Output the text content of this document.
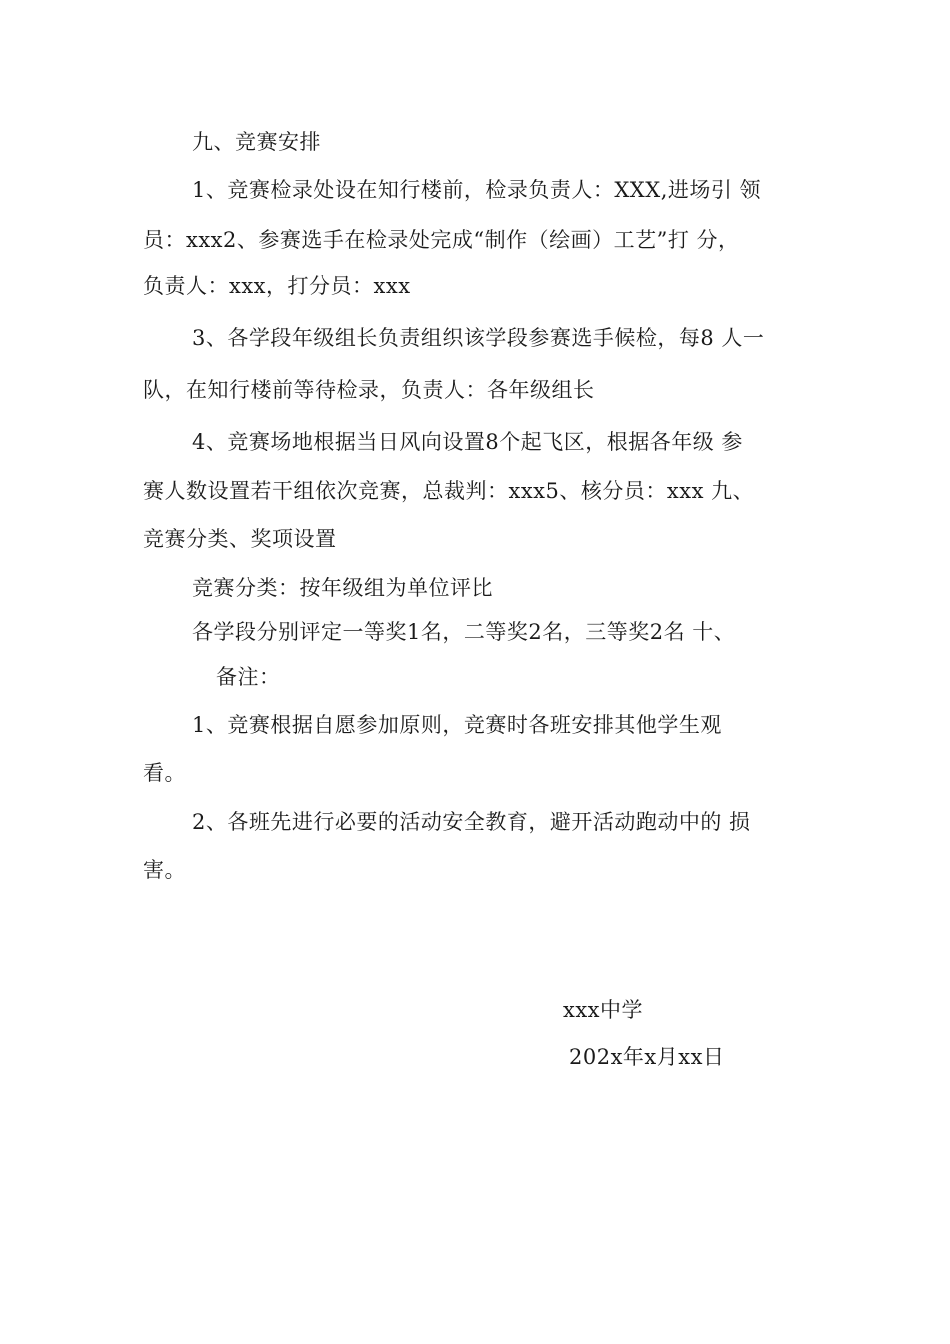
九、竞赛安排
1、竞赛检录处设在知行楼前，检录负责人：XXX,进场引 领
员：xxx2、参赛选手在检录处完成“制作（绘画）工艺”打 分，
负责人：xxx，打分员：xxx
3、各学段年级组长负责组织该学段参赛选手候检，每8 人一
队，在知行楼前等待检录，负责人：各年级组长
4、竞赛场地根据当日风向设置8个起飞区，根据各年级 参
赛人数设置若干组依次竞赛，总裁判：xxx5、核分员：xxx 九、
竞赛分类、奖项设置
竞赛分类：按年级组为单位评比
各学段分别评定一等奖1名，二等奖2名，三等奖2名 十、
备注：
1、竞赛根据自愿参加原则，竞赛时各班安排其他学生观
看。
2、各班先进行必要的活动安全教育，避开活动跑动中的 损
害。
xxx中学
202x年x月xx日
